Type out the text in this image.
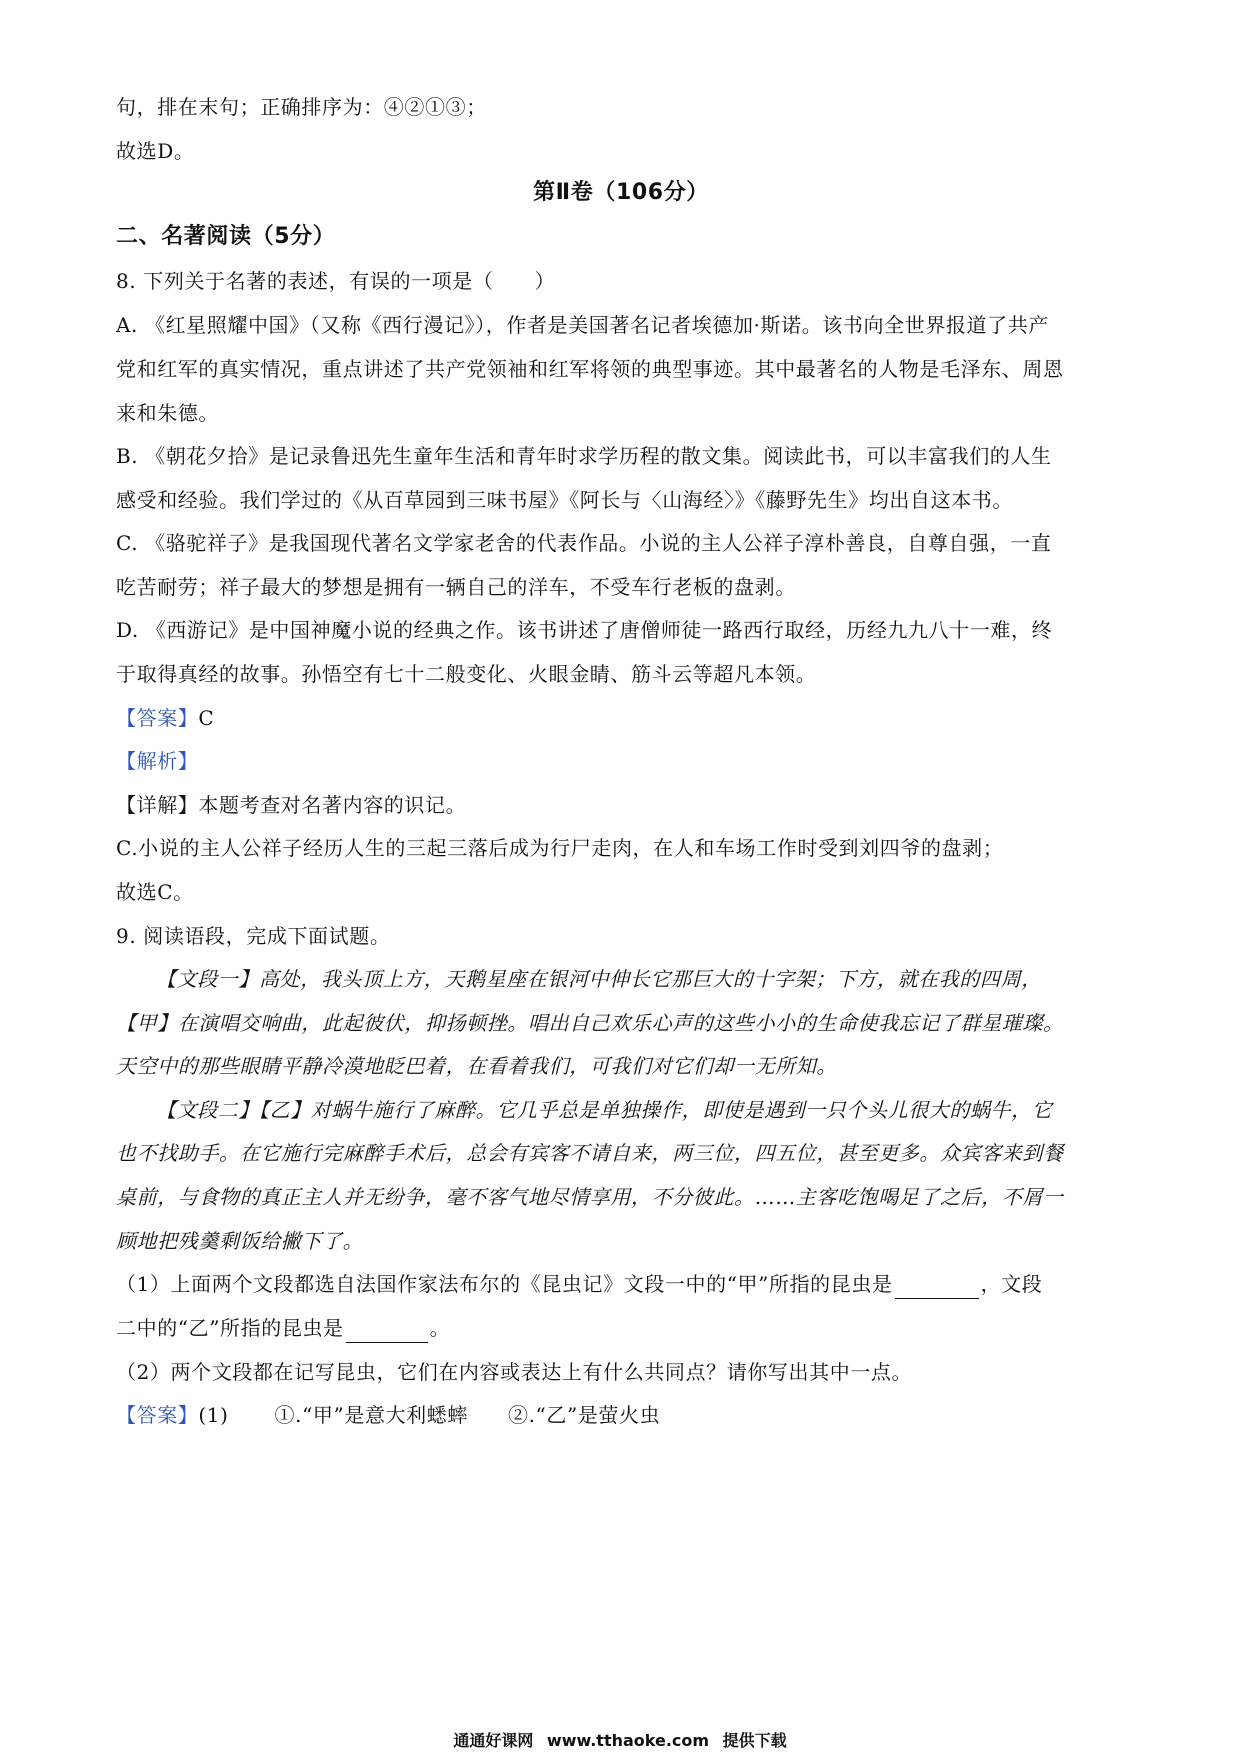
句，排在末句；正确排序为：④②①③；
故选D。
第Ⅱ卷（106分）
二、名著阅读（5分）
8. 下列关于名著的表述，有误的一项是（　　）
A. 《红星照耀中国》（又称《西行漫记》），作者是美国著名记者埃德加·斯诺。该书向全世界报道了共产
党和红军的真实情况，重点讲述了共产党领袖和红军将领的典型事迹。其中最著名的人物是毛泽东、周恩
来和朱德。
B. 《朝花夕拾》是记录鲁迅先生童年生活和青年时求学历程的散文集。阅读此书，可以丰富我们的人生
感受和经验。我们学过的《从百草园到三味书屋》《阿长与〈山海经〉》《藤野先生》均出自这本书。
C. 《骆驼祥子》是我国现代著名文学家老舍的代表作品。小说的主人公祥子淳朴善良，自尊自强，一直
吃苦耐劳；祥子最大的梦想是拥有一辆自己的洋车，不受车行老板的盘剥。
D. 《西游记》是中国神魔小说的经典之作。该书讲述了唐僧师徒一路西行取经，历经九九八十一难，终
于取得真经的故事。孙悟空有七十二般变化、火眼金睛、筋斗云等超凡本领。
【答案】C
【解析】
【详解】本题考查对名著内容的识记。
C.小说的主人公祥子经历人生的三起三落后成为行尸走肉，在人和车场工作时受到刘四爷的盘剥；
故选C。
9. 阅读语段，完成下面试题。
【文段一】高处，我头顶上方，天鹅星座在银河中伸长它那巨大的十字架；下方，就在我的四周，
【甲】在演唱交响曲，此起彼伏，抑扬顿挫。唱出自己欢乐心声的这些小小的生命使我忘记了群星璀璨。
天空中的那些眼睛平静冷漠地眨巴着，在看着我们，可我们对它们却一无所知。
【文段二】【乙】对蜗牛施行了麻醉。它几乎总是单独操作，即使是遇到一只个头儿很大的蜗牛，它
也不找助手。在它施行完麻醉手术后，总会有宾客不请自来，两三位，四五位，甚至更多。众宾客来到餐
桌前，与食物的真正主人并无纷争，毫不客气地尽情享用，不分彼此。……主客吃饱喝足了之后，不屑一
顾地把残羹剩饭给撇下了。
（1）上面两个文段都选自法国作家法布尔的《昆虫记》文段一中的“甲”所指的昆虫是	，文段
二中的“乙”所指的昆虫是	。
（2）两个文段都在记写昆虫，它们在内容或表达上有什么共同点？请你写出其中一点。
【答案】(1) ①.“甲”是意大利蟋蟀 ②.“乙”是萤火虫
通通好课网 www.tthaoke.com 提供下载
